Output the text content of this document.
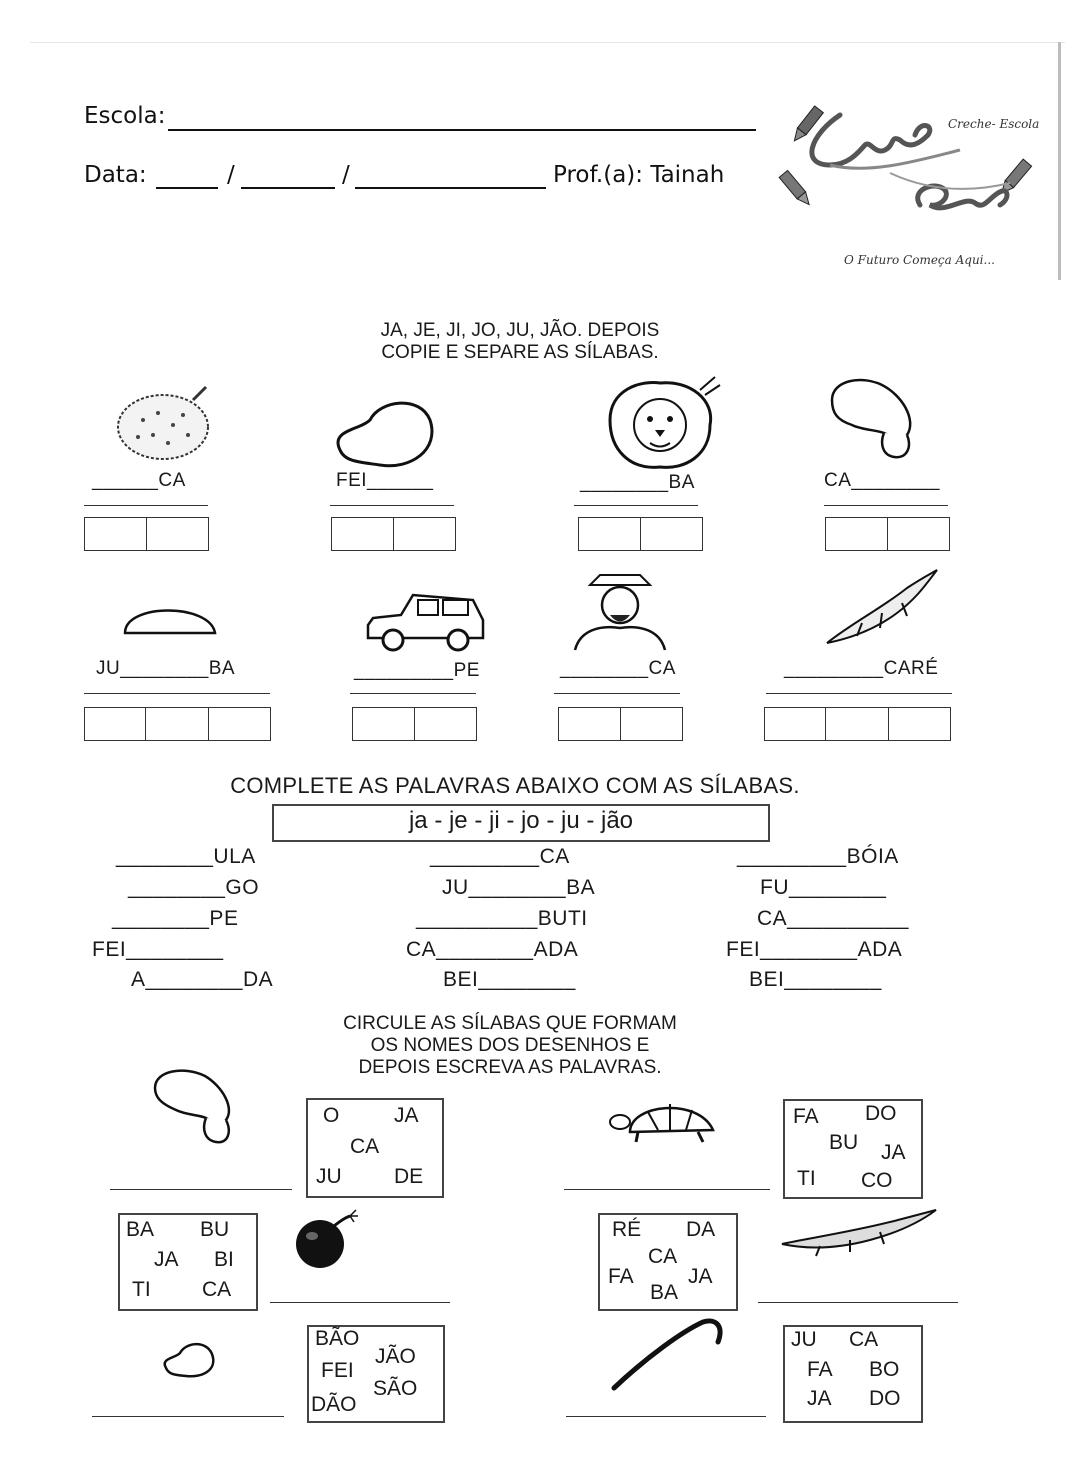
Escola:
Data:	/	/	Prof.(a): Tainah
Creche- Escola
O Futuro Começa Aqui...
JA, JE, JI, JO, JU, JÃO. DEPOIS
COPIE E SEPARE AS SÍLABAS.
______CA	FEI______	________BA	CA________
JU________BA	_________PE	________CA	_________CARÉ
COMPLETE AS PALAVRAS ABAIXO COM AS SÍLABAS.
ja - je - ji - jo - ju - jão
________ULA	_________CA	_________BÓIA
________GO	JU________BA	FU________
________PE	__________BUTI	CA__________
FEI________	CA________ADA	FEI________ADA
A________DA	BEI________	BEI________
CIRCULE AS SÍLABAS QUE FORMAM
OS NOMES DOS DESENHOS E
DEPOIS ESCREVA AS PALAVRAS.
O	JA
CA
JU DE
FA DO
BU JA
TI CO
BA BU
JA BI
TI CA
RÉ DA
CA
FA	JA
BA
BÃO
JÃO
FEI
SÃO
DÃO
JU CA
FA BO
JA DO
